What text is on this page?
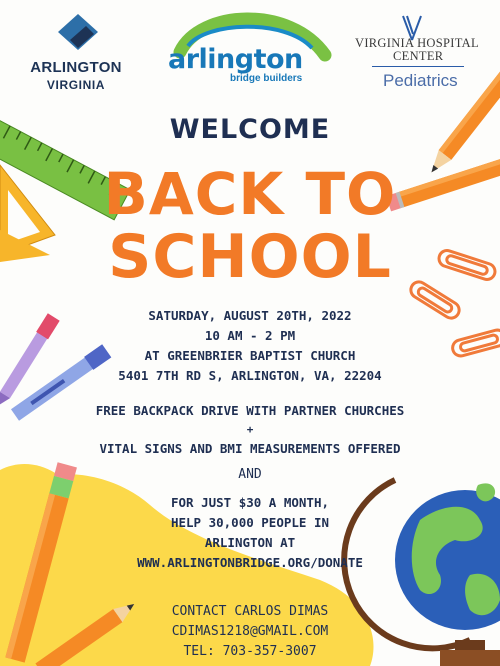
ARLINGTON
VIRGINIA
arlington
bridge builders
VIRGINIA HOSPITAL
CENTER
Pediatrics
WELCOME
BACK TO
SCHOOL
SATURDAY, AUGUST 20TH, 2022
10 AM - 2 PM
AT GREENBRIER BAPTIST CHURCH
5401 7TH RD S, ARLINGTON, VA, 22204
FREE BACKPACK DRIVE WITH PARTNER CHURCHES
+
VITAL SIGNS AND BMI MEASUREMENTS OFFERED
AND
FOR JUST $30 A MONTH,
HELP 30,000 PEOPLE IN
ARLINGTON AT
WWW.ARLINGTONBRIDGE.ORG/DONATE
CONTACT CARLOS DIMAS
CDIMAS1218@GMAIL.COM
TEL: 703-357-3007
